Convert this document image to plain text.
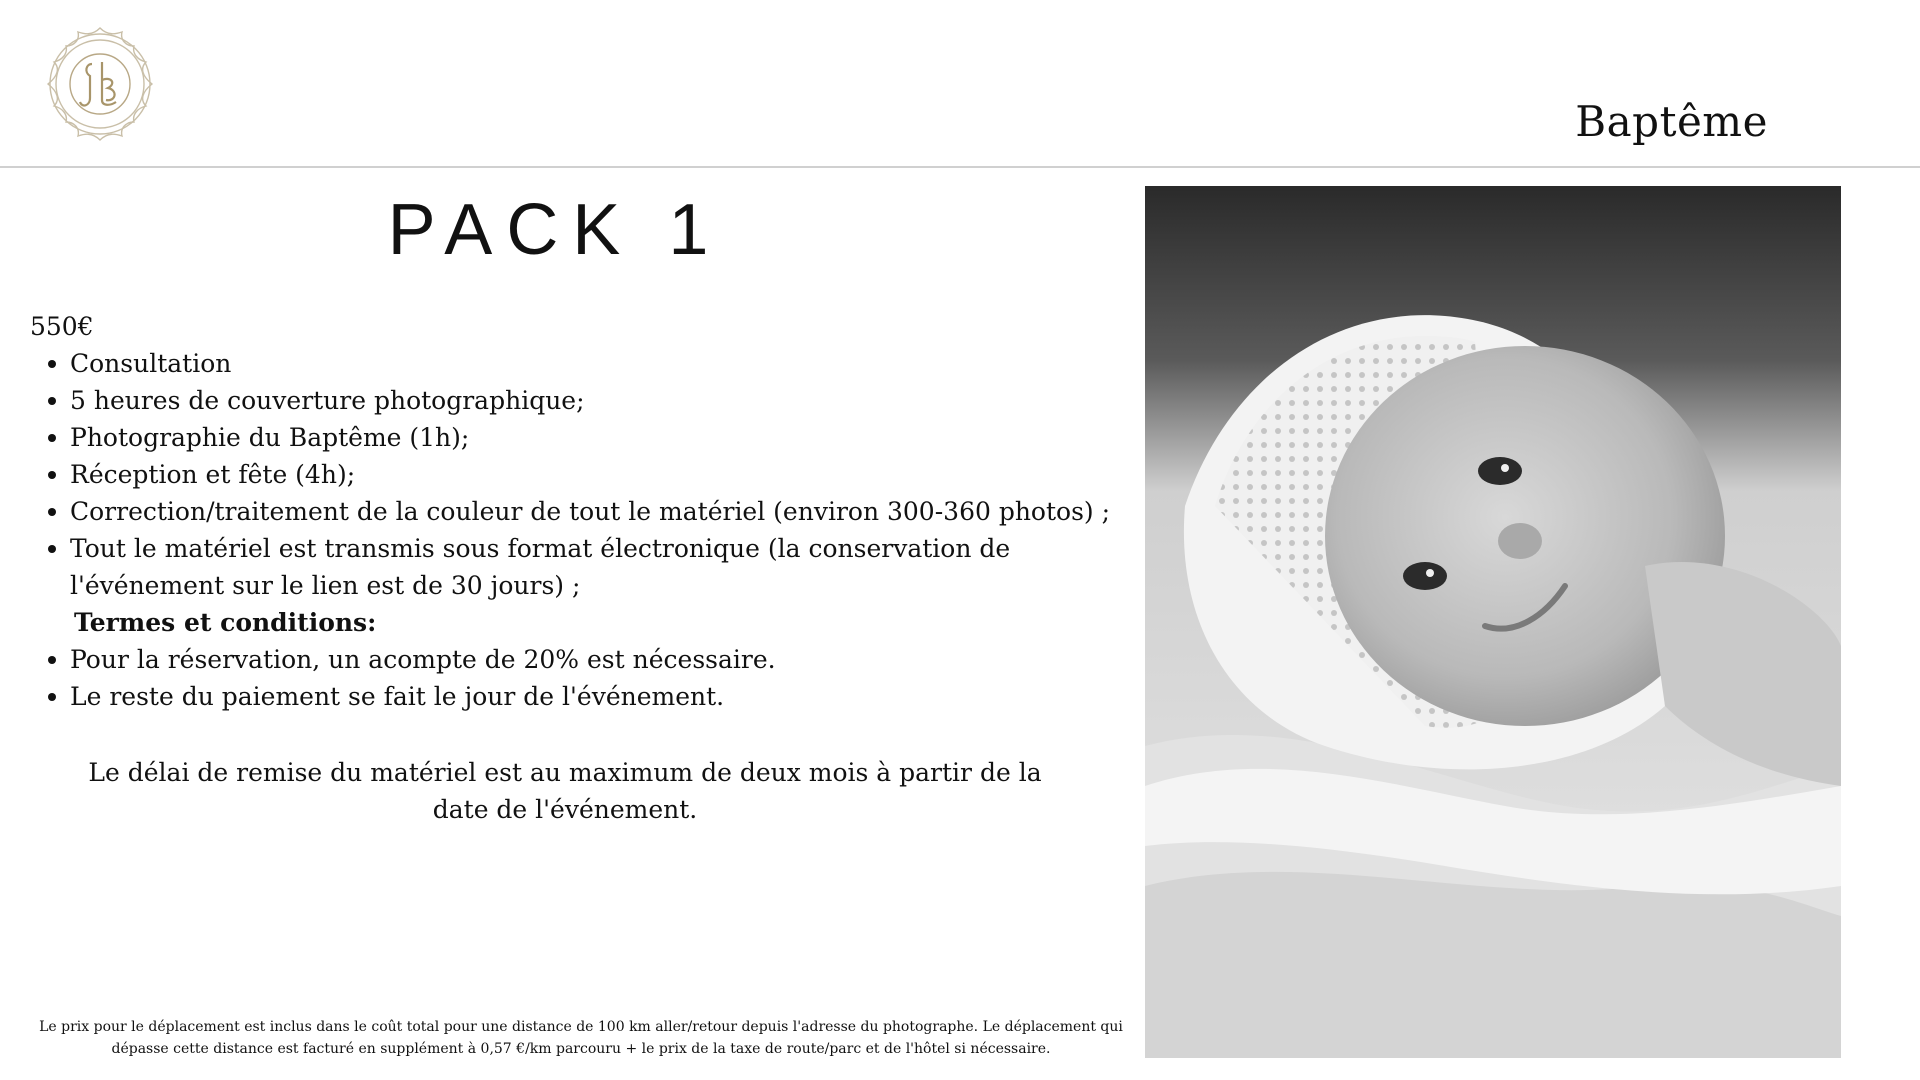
Baptême
PACK 1

550€

Consultation
5 heures de couverture photographique;
Photographie du Baptême (1h);
Réception et fête (4h);
Correction/traitement de la couleur de tout le matériel (environ 300-360 photos) ;
Tout le matériel est transmis sous format électronique (la conservation de l'événement sur le lien est de 30 jours) ;

Termes et conditions:

Pour la réservation, un acompte de 20% est nécessaire.
Le reste du paiement se fait le jour de l'événement.
Le délai de remise du matériel est au maximum de deux mois à partir de la date de l'événement.
Le prix pour le déplacement est inclus dans le coût total pour une distance de 100 km aller/retour depuis l'adresse du photographe. Le déplacement qui dépasse cette distance est facturé en supplément à 0,57 €/km parcouru + le prix de la taxe de route/parc et de l'hôtel si nécessaire.
